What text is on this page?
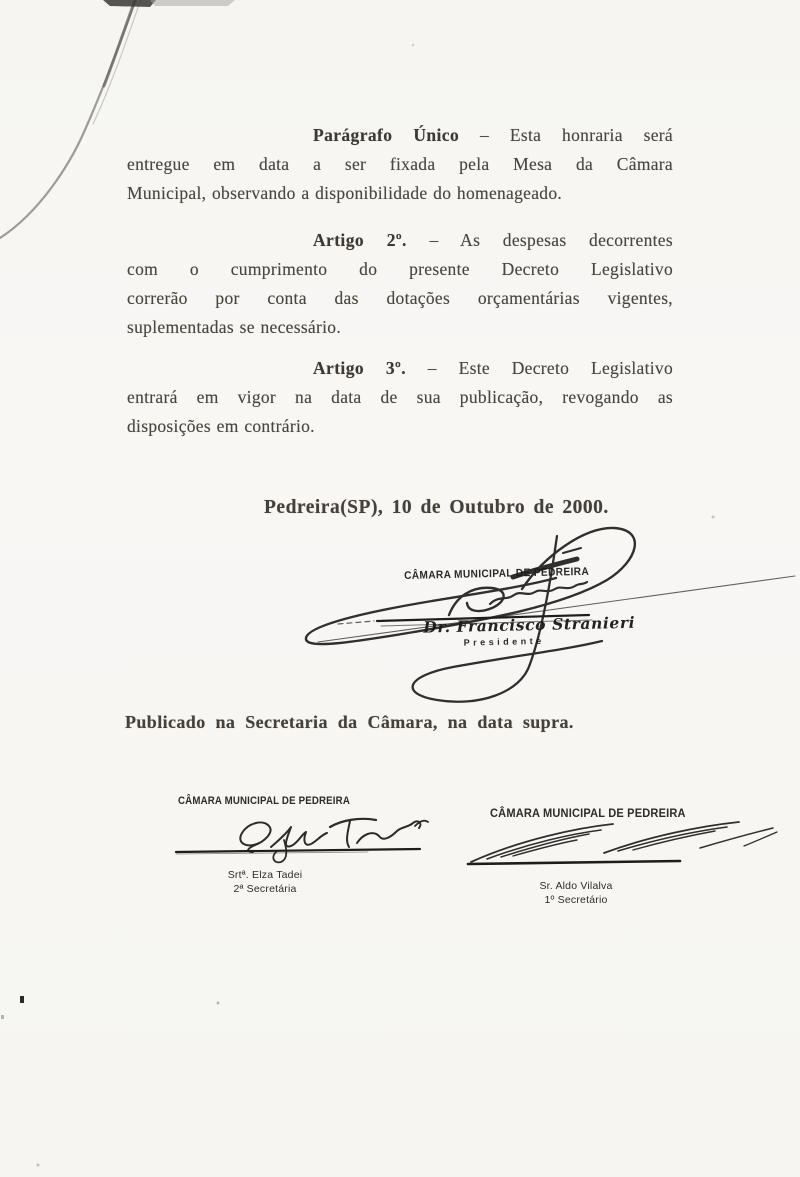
Parágrafo Único – Esta honraria será
entregue em data a ser fixada pela Mesa da Câmara
Municipal, observando a disponibilidade do homenageado.
Artigo 2º. – As despesas decorrentes
com o cumprimento do presente Decreto Legislativo
correrão por conta das dotações orçamentárias vigentes,
suplementadas se necessário.
Artigo 3º. – Este Decreto Legislativo
entrará em vigor na data de sua publicação, revogando as
disposições em contrário.
Pedreira(SP), 10 de Outubro de 2000.
CÂMARA MUNICIPAL DE PEDREIRA
Dr. Francisco Stranieri
Presidente
Publicado na Secretaria da Câmara, na data supra.
CÂMARA MUNICIPAL DE PEDREIRA
Srtª. Elza Tadei
2ª Secretária
CÂMARA MUNICIPAL DE PEDREIRA
Sr. Aldo Vilalva
1º Secretário
